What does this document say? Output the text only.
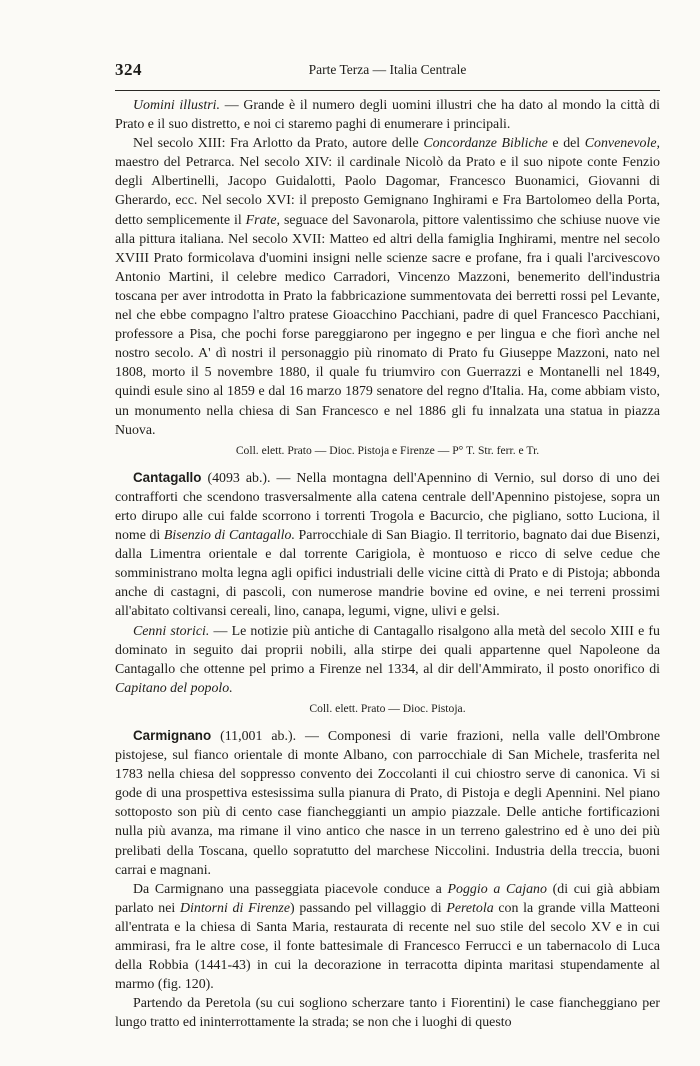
324	Parte Terza — Italia Centrale

Uomini illustri. — Grande è il numero degli uomini illustri che ha dato al mondo la città di Prato e il suo distretto, e noi ci staremo paghi di enumerare i principali.

Nel secolo XIII: Fra Arlotto da Prato, autore delle Concordanze Bibliche e del Convenevole, maestro del Petrarca. Nel secolo XIV: il cardinale Nicolò da Prato e il suo nipote conte Fenzio degli Albertinelli, Jacopo Guidalotti, Paolo Dagomar, Francesco Buonamici, Giovanni di Gherardo, ecc. Nel secolo XVI: il preposto Gemignano Inghirami e Fra Bartolomeo della Porta, detto semplicemente il Frate, seguace del Savonarola, pittore valentissimo che schiuse nuove vie alla pittura italiana. Nel secolo XVII: Matteo ed altri della famiglia Inghirami, mentre nel secolo XVIII Prato formicolava d'uomini insigni nelle scienze sacre e profane, fra i quali l'arcivescovo Antonio Martini, il celebre medico Carradori, Vincenzo Mazzoni, benemerito dell'industria toscana per aver introdotta in Prato la fabbricazione summentovata dei berretti rossi pel Levante, nel che ebbe compagno l'altro pratese Gioacchino Pacchiani, padre di quel Francesco Pacchiani, professore a Pisa, che pochi forse pareggiarono per ingegno e per lingua e che fiorì anche nel nostro secolo. A' dì nostri il personaggio più rinomato di Prato fu Giuseppe Mazzoni, nato nel 1808, morto il 5 novembre 1880, il quale fu triumviro con Guerrazzi e Montanelli nel 1849, quindi esule sino al 1859 e dal 16 marzo 1879 senatore del regno d'Italia. Ha, come abbiam visto, un monumento nella chiesa di San Francesco e nel 1886 gli fu innalzata una statua in piazza Nuova.

Coll. elett. Prato — Dioc. Pistoja e Firenze — P° T. Str. ferr. e Tr.

Cantagallo (4093 ab.). — Nella montagna dell'Apennino di Vernio, sul dorso di uno dei contrafforti che scendono trasversalmente alla catena centrale dell'Apennino pistojese, sopra un erto dirupo alle cui falde scorrono i torrenti Trogola e Bacurcio, che pigliano, sotto Luciona, il nome di Bisenzio di Cantagallo. Parrocchiale di San Biagio. Il territorio, bagnato dai due Bisenzi, dalla Limentra orientale e dal torrente Carigiola, è montuoso e ricco di selve cedue che somministrano molta legna agli opifici industriali delle vicine città di Prato e di Pistoja; abbonda anche di castagni, di pascoli, con numerose mandrie bovine ed ovine, e nei terreni prossimi all'abitato coltivansi cereali, lino, canapa, legumi, vigne, ulivi e gelsi.

Cenni storici. — Le notizie più antiche di Cantagallo risalgono alla metà del secolo XIII e fu dominato in seguito dai proprii nobili, alla stirpe dei quali appartenne quel Napoleone da Cantagallo che ottenne pel primo a Firenze nel 1334, al dir dell'Ammirato, il posto onorifico di Capitano del popolo.

Coll. elett. Prato — Dioc. Pistoja.

Carmignano (11,001 ab.). — Componesi di varie frazioni, nella valle dell'Ombrone pistojese, sul fianco orientale di monte Albano, con parrocchiale di San Michele, trasferita nel 1783 nella chiesa del soppresso convento dei Zoccolanti il cui chiostro serve di canonica. Vi si gode di una prospettiva estesissima sulla pianura di Prato, di Pistoja e degli Apennini. Nel piano sottoposto son più di cento case fiancheggianti un ampio piazzale. Delle antiche fortificazioni nulla più avanza, ma rimane il vino antico che nasce in un terreno galestrino ed è uno dei più prelibati della Toscana, quello sopratutto del marchese Niccolini. Industria della treccia, buoni carrai e magnani.

Da Carmignano una passeggiata piacevole conduce a Poggio a Cajano (di cui già abbiam parlato nei Dintorni di Firenze) passando pel villaggio di Peretola con la grande villa Matteoni all'entrata e la chiesa di Santa Maria, restaurata di recente nel suo stile del secolo XV e in cui ammirasi, fra le altre cose, il fonte battesimale di Francesco Ferrucci e un tabernacolo di Luca della Robbia (1441-43) in cui la decorazione in terracotta dipinta maritasi stupendamente al marmo (fig. 120).

Partendo da Peretola (su cui sogliono scherzare tanto i Fiorentini) le case fiancheggiano per lungo tratto ed ininterrottamente la strada; se non che i luoghi di questo
